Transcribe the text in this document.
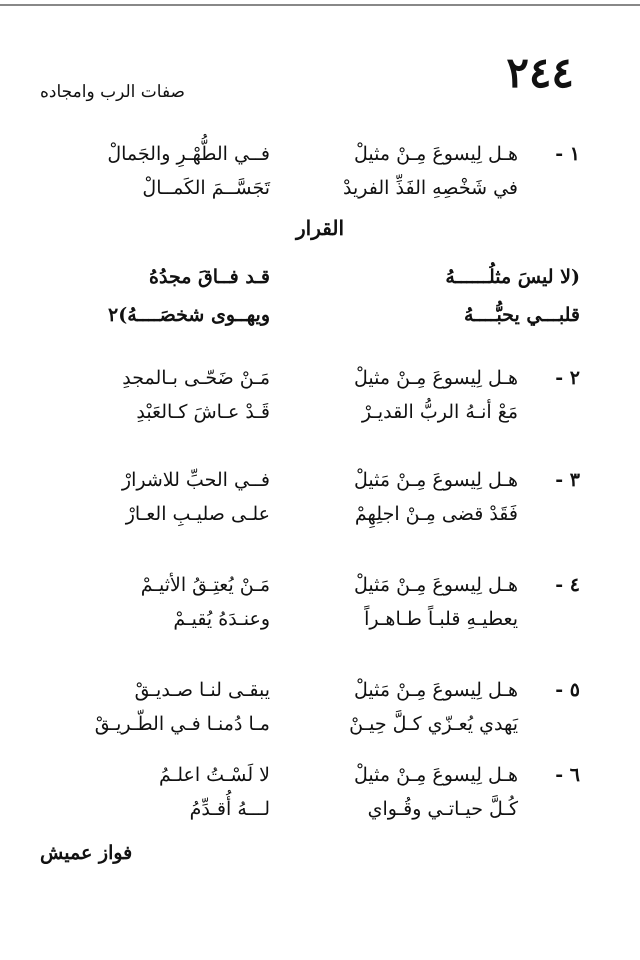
٢٤٤
صفات الرب وامجاده
١ -
هـل لِيسوعَ مِـنْ مثيلْ
فــي الطُّهْـرِ والجَمالْ
في شَخْصِهِ الفَذِّ الفريدْ
تَجَسَّــمَ الكَمــالْ
القرار
(لا ليسَ مثلُــــــهُ
قـد فــاقَ مجدُهُ
قلبـــي يحبُّــــهُ
ويهــوى شخصَــــهُ)٢
٢ -
هـل لِيسوعَ مِـنْ مثيلْ
مَـنْ ضَحّـى بـالمجدِ
مَعْ أنـهُ الربُّ القديـرْ
قَـدْ عـاشَ كـالعَبْدِ
٣ -
هـل لِيسوعَ مِـنْ مَثيلْ
فــي الحبِّ للاشرارْ
فَقَدْ قضى مِـنْ اجلِهِمْ
علـى صليـبِ العـارْ
٤ -
هـل لِيسوعَ مِـنْ مَثيلْ
مَـنْ يُعتِـقُ الأثيـمْ
يعطيـهِ قلبـاً طـاهـراً
وعنـدَهُ يُقيـمْ
٥ -
هـل لِيسوعَ مِـنْ مَثيلْ
يبقـى لنـا صـديـقْ
يَهدي يُعـزّي كـلَّ حِيـنْ
مـا دُمنـا فـي الطّـريـقْ
٦ -
هـل لِيسوعَ مِـنْ مثيلْ
لا لَسْـتُ اعلـمُ
كُـلَّ حيـاتـي وقُـواي
لـــهُ أُقـدِّمُ
فواز عميش
